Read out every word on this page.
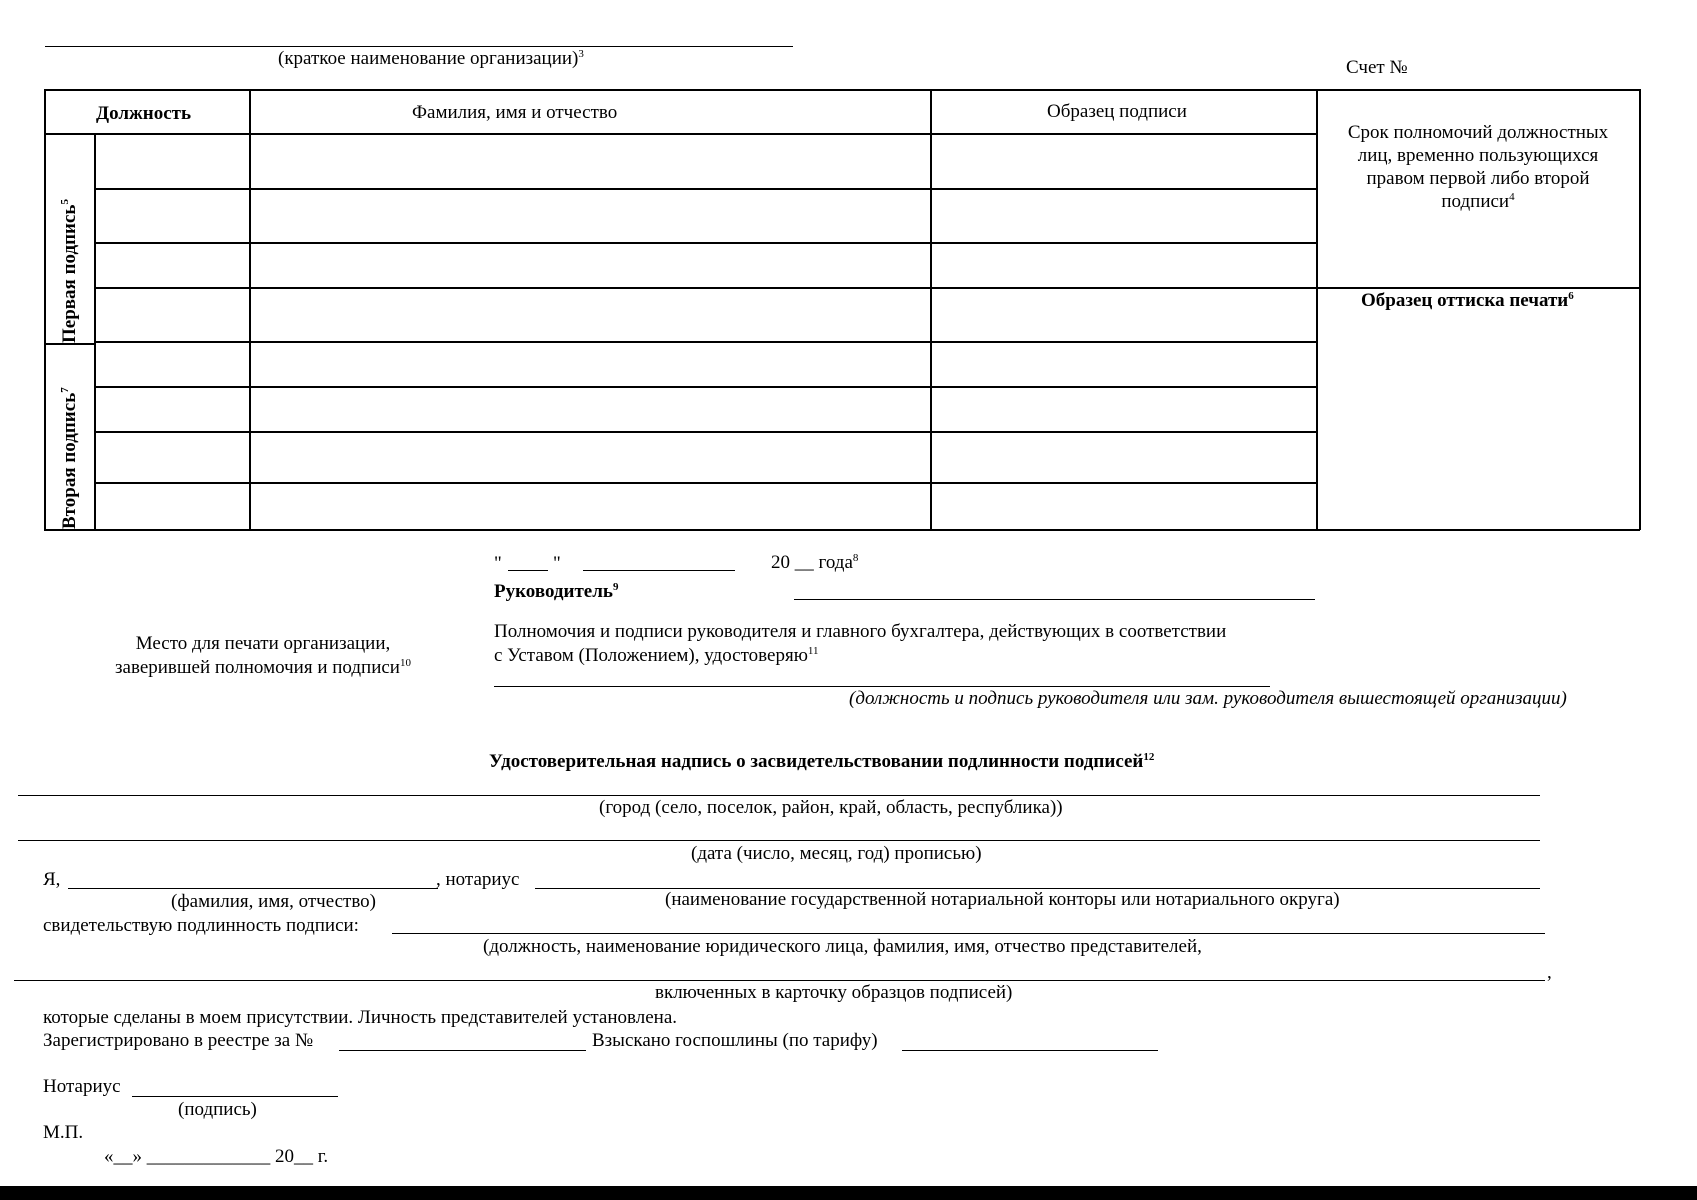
(краткое наименование организации)$^3$
Счет №
Должность	Фамилия, имя и отчество	Образец подписи
Срок полномочий должностных
лиц, временно пользующихся
правом первой либо второй
подписи$^4$
Образец оттиска печати$^6$
Первая подпись$^5$
Вторая подпись$^7$
"	"	20 __ года$^8$
Руководитель$^9$
Место для печати организации,
заверившей полномочия и подписи$^{10}$
Полномочия и подписи руководителя и главного бухгалтера, действующих в соответствии
с Уставом (Положением), удостоверяю$^{11}$
(должность и подпись руководителя или зам. руководителя вышестоящей организации)
Удостоверительная надпись о засвидетельствовании подлинности подписей$^{12}$
(город (село, поселок, район, край, область, республика))
(дата (число, месяц, год) прописью)
Я,	, нотариус
(фамилия, имя, отчество)	(наименование государственной нотариальной конторы или нотариального округа)
свидетельствую подлинность подписи:
(должность, наименование юридического лица, фамилия, имя, отчество представителей,
,
включенных в карточку образцов подписей)
которые сделаны в моем присутствии. Личность представителей установлена.
Зарегистрировано в реестре за №	Взыскано госпошлины (по тарифу)
Нотариус
(подпись)
М.П.
«__» _____________ 20__ г.
